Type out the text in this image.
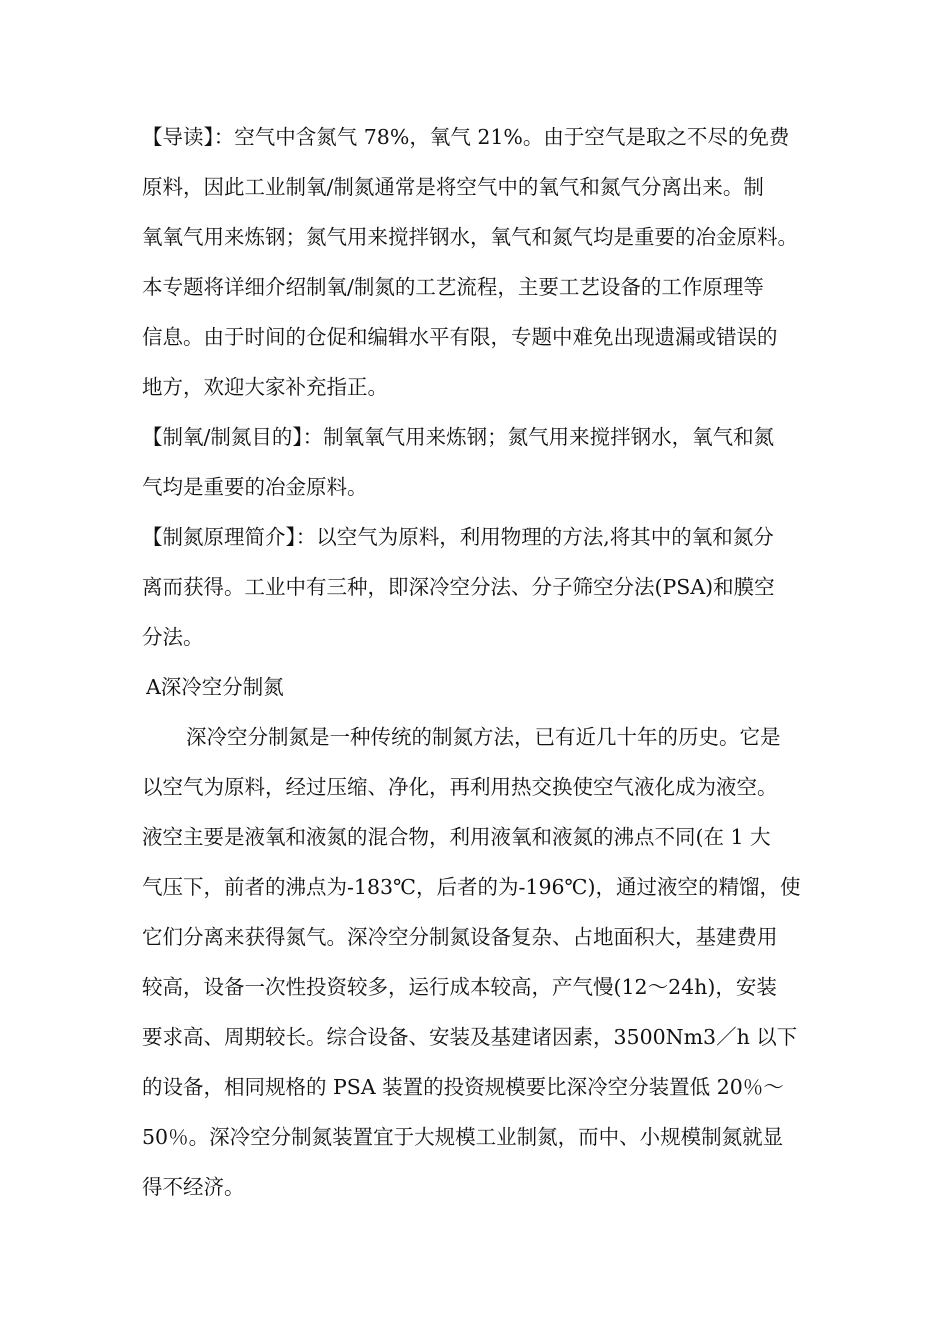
【导读】：空气中含氮气 78%，氧气 21%。由于空气是取之不尽的免费
原料，因此工业制氧/制氮通常是将空气中的氧气和氮气分离出来。制
氧氧气用来炼钢；氮气用来搅拌钢水，氧气和氮气均是重要的冶金原料。
本专题将详细介绍制氧/制氮的工艺流程，主要工艺设备的工作原理等
信息。由于时间的仓促和编辑水平有限，专题中难免出现遗漏或错误的
地方，欢迎大家补充指正。
【制氧/制氮目的】：制氧氧气用来炼钢；氮气用来搅拌钢水，氧气和氮
气均是重要的冶金原料。
【制氮原理简介】：以空气为原料，利用物理的方法,将其中的氧和氮分
离而获得。工业中有三种，即深冷空分法、分子筛空分法(PSA)和膜空
分法。
A深冷空分制氮
深冷空分制氮是一种传统的制氮方法，已有近几十年的历史。它是
以空气为原料，经过压缩、净化，再利用热交换使空气液化成为液空。
液空主要是液氧和液氮的混合物，利用液氧和液氮的沸点不同(在 1 大
气压下，前者的沸点为-183℃，后者的为-196℃)，通过液空的精馏，使
它们分离来获得氮气。深冷空分制氮设备复杂、占地面积大，基建费用
较高，设备一次性投资较多，运行成本较高，产气慢(12～24h)，安装
要求高、周期较长。综合设备、安装及基建诸因素，3500Nm3／h 以下
的设备，相同规格的 PSA 装置的投资规模要比深冷空分装置低 20％～
50％。深冷空分制氮装置宜于大规模工业制氮，而中、小规模制氮就显
得不经济。
